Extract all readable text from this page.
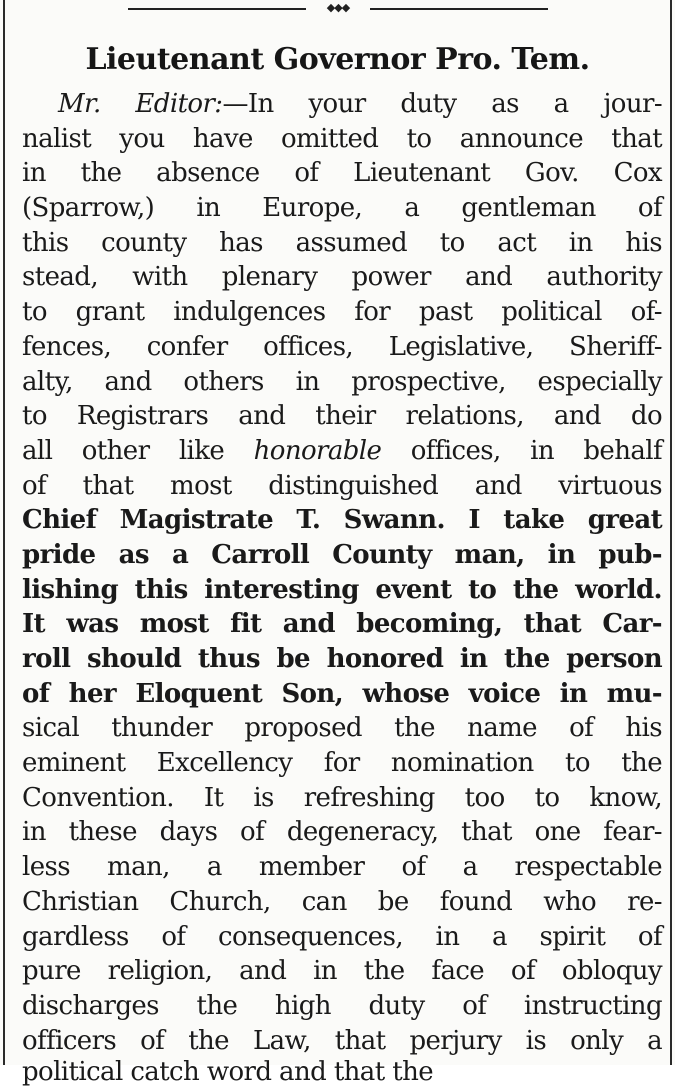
◆◆◆
Lieutenant Governor Pro. Tem.
Mr. Editor:—In your duty as a jour-
nalist you have omitted to announce that
in the absence of Lieutenant Gov. Cox
(Sparrow,) in Europe, a gentleman of
this county has assumed to act in his
stead, with plenary power and authority
to grant indulgences for past political of-
fences, confer offices, Legislative, Sheriff-
alty, and others in prospective, especially
to Registrars and their relations, and do
all other like honorable offices, in behalf
of that most distinguished and virtuous
Chief Magistrate T. Swann. I take great
pride as a Carroll County man, in pub-
lishing this interesting event to the world.
It was most fit and becoming, that Car-
roll should thus be honored in the person
of her Eloquent Son, whose voice in mu-
sical thunder proposed the name of his
eminent Excellency for nomination to the
Convention. It is refreshing too to know,
in these days of degeneracy, that one fear-
less man, a member of a respectable
Christian Church, can be found who re-
gardless of consequences, in a spirit of
pure religion, and in the face of obloquy
discharges the high duty of instructing
officers of the Law, that perjury is only a
political catch word and that the
